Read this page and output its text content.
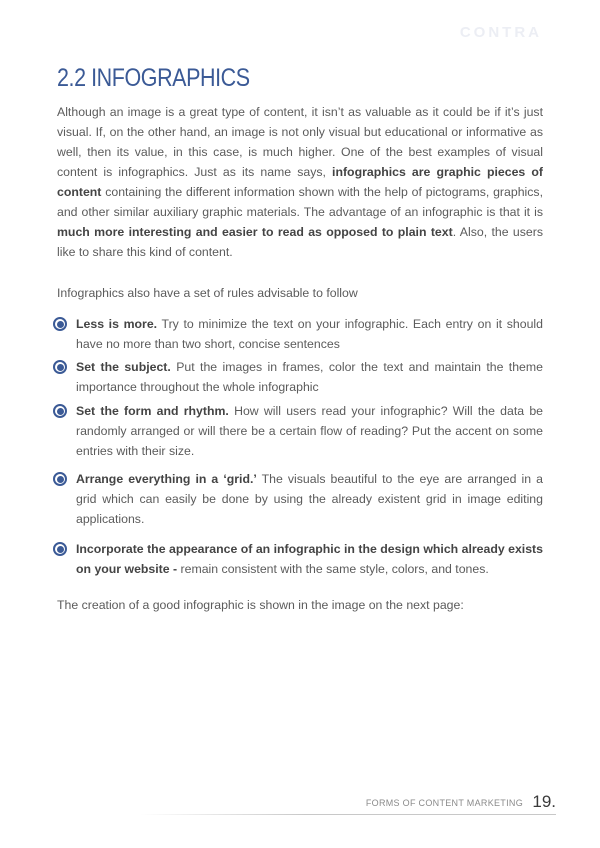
CONTRA
2.2 INFOGRAPHICS

Although an image is a great type of content, it isn’t as valuable as it could be if it’s just visual. If, on the other hand, an image is not only visual but educational or informative as well, then its value, in this case, is much higher. One of the best examples of visual content is infographics. Just as its name says, infographics are graphic pieces of content containing the different information shown with the help of pictograms, graphics, and other similar auxiliary graphic materials. The advantage of an infographic is that it is much more interesting and easier to read as opposed to plain text. Also, the users like to share this kind of content.

Infographics also have a set of rules advisable to follow

Less is more. Try to minimize the text on your infographic. Each entry on it should have no more than two short, concise sentences
Set the subject. Put the images in frames, color the text and maintain the theme importance throughout the whole infographic
Set the form and rhythm. How will users read your infographic? Will the data be randomly arranged or will there be a certain flow of reading? Put the accent on some entries with their size.
Arrange everything in a ‘grid.’ The visuals beautiful to the eye are arranged in a grid which can easily be done by using the already existent grid in image editing applications.
Incorporate the appearance of an infographic in the design which already exists on your website - remain consistent with the same style, colors, and tones.

The creation of a good infographic is shown in the image on the next page:

FORMS OF CONTENT MARKETING 19.
